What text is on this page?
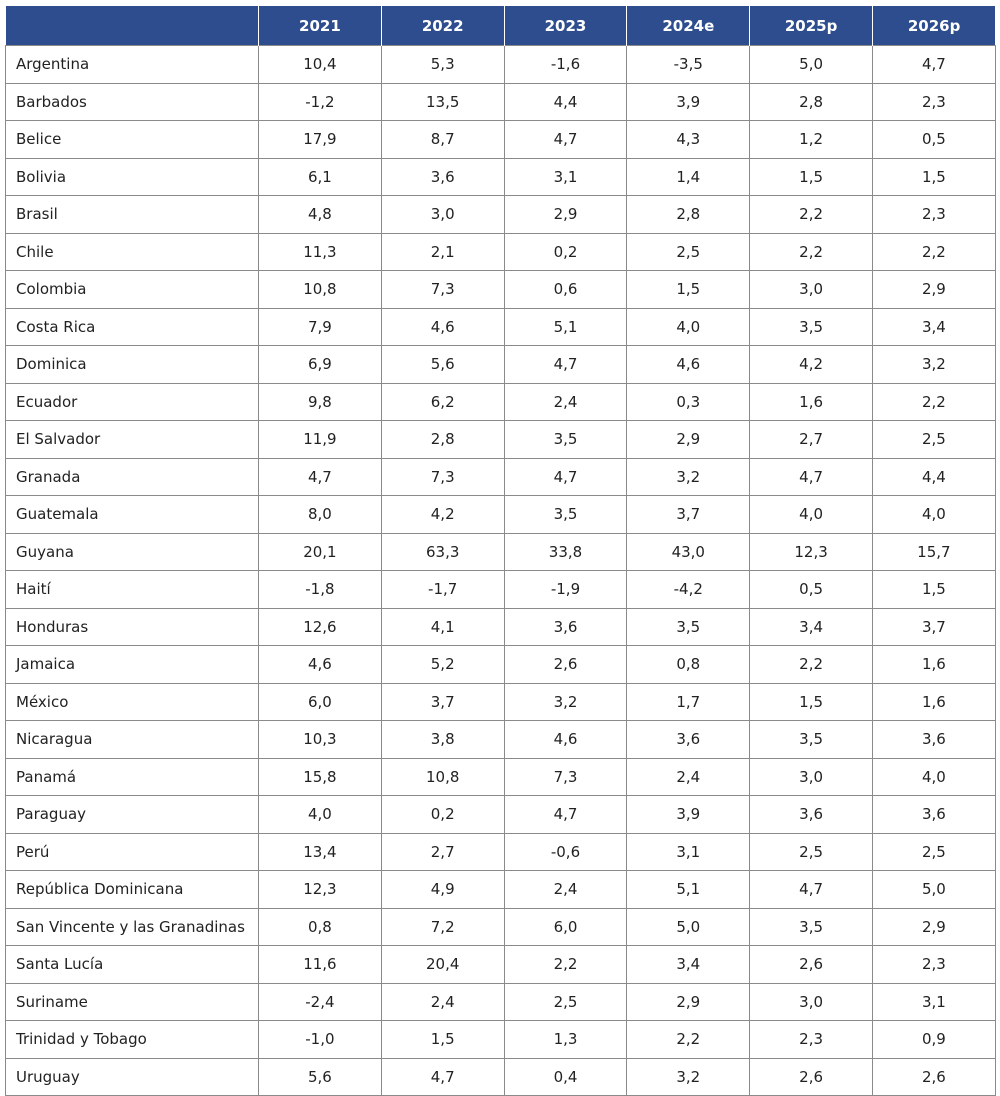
	2021	2022	2023	2024e	2025p	2026p
Argentina	10,4	5,3	-1,6	-3,5	5,0	4,7
Barbados	-1,2	13,5	4,4	3,9	2,8	2,3
Belice	17,9	8,7	4,7	4,3	1,2	0,5
Bolivia	6,1	3,6	3,1	1,4	1,5	1,5
Brasil	4,8	3,0	2,9	2,8	2,2	2,3
Chile	11,3	2,1	0,2	2,5	2,2	2,2
Colombia	10,8	7,3	0,6	1,5	3,0	2,9
Costa Rica	7,9	4,6	5,1	4,0	3,5	3,4
Dominica	6,9	5,6	4,7	4,6	4,2	3,2
Ecuador	9,8	6,2	2,4	0,3	1,6	2,2
El Salvador	11,9	2,8	3,5	2,9	2,7	2,5
Granada	4,7	7,3	4,7	3,2	4,7	4,4
Guatemala	8,0	4,2	3,5	3,7	4,0	4,0
Guyana	20,1	63,3	33,8	43,0	12,3	15,7
Haití	-1,8	-1,7	-1,9	-4,2	0,5	1,5
Honduras	12,6	4,1	3,6	3,5	3,4	3,7
Jamaica	4,6	5,2	2,6	0,8	2,2	1,6
México	6,0	3,7	3,2	1,7	1,5	1,6
Nicaragua	10,3	3,8	4,6	3,6	3,5	3,6
Panamá	15,8	10,8	7,3	2,4	3,0	4,0
Paraguay	4,0	0,2	4,7	3,9	3,6	3,6
Perú	13,4	2,7	-0,6	3,1	2,5	2,5
República Dominicana	12,3	4,9	2,4	5,1	4,7	5,0
San Vincente y las Granadinas	0,8	7,2	6,0	5,0	3,5	2,9
Santa Lucía	11,6	20,4	2,2	3,4	2,6	2,3
Suriname	-2,4	2,4	2,5	2,9	3,0	3,1
Trinidad y Tobago	-1,0	1,5	1,3	2,2	2,3	0,9
Uruguay	5,6	4,7	0,4	3,2	2,6	2,6
